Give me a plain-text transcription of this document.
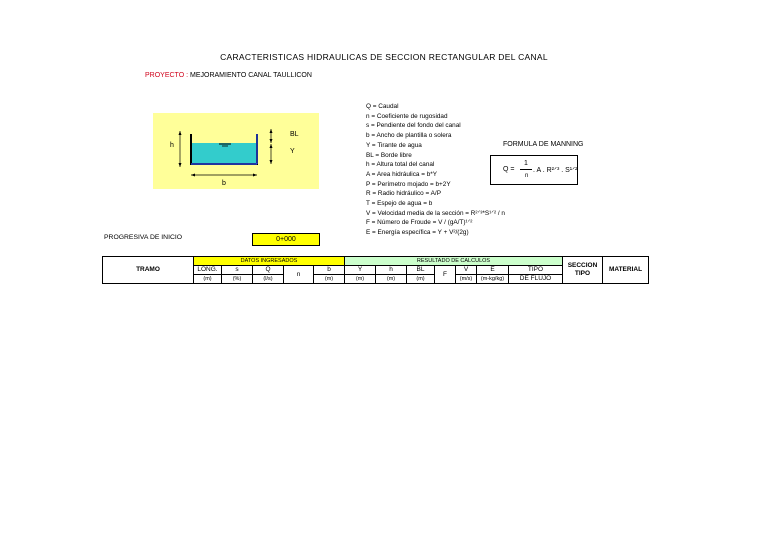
CARACTERISTICAS HIDRAULICAS DE SECCION RECTANGULAR DEL CANAL
PROYECTO : MEJORAMIENTO CANAL TAULLICON
h
BL
Y
b
Q = Caudal
n = Coeficiente de rugosidad
s = Pendiente del fondo del canal
b = Ancho de plantilla o solera
Y = Tirante de agua
BL = Borde libre
h = Altura total del canal
A = Area hidráulica = b*Y
P = Perímetro mojado = b+2Y
R = Radio hidráulico = A/P
T = Espejo de agua = b
V = Velocidad media de la sección = R²ᐟ³*S¹ᐟ² / n
F = Número de Froude = V / (gA/T)¹ᐟ²
E = Energía específica = Y + V²/(2g)
FORMULA DE MANNING
Q =
1
n
. A . R²ᐟ³ . S¹ᐟ²
PROGRESIVA DE INICIO	0+000
TRAMO	DATOS INGRESADOS					RESULTADO DE CALCULOS							SECCION TIPO	MATERIAL
	LONG.	s	Q	n	b	Y	h	BL	F	V	E	TIPO		
	(m)	(%)	(l/s)		(m)	(m)	(m)	(m)		(m/s)	(m-kg/kg)	DE FLUJO		
